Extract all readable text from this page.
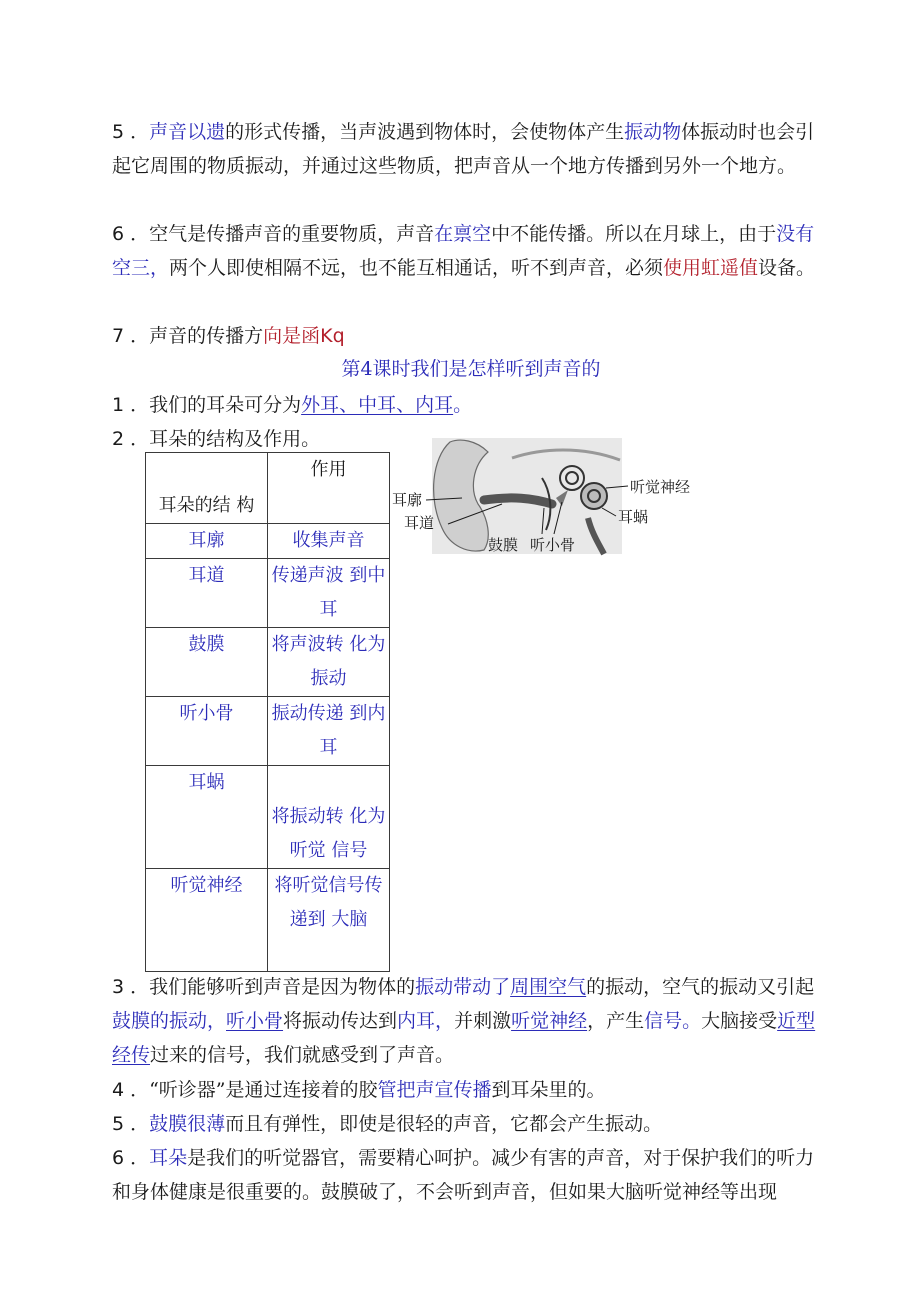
5 ．声音以遗的形式传播，当声波遇到物体时，会使物体产生振动物体振动时也会引起它周围的物质振动，并通过这些物质，把声音从一个地方传播到另外一个地方。
6 ．空气是传播声音的重要物质，声音在禀空中不能传播。所以在月球上，由于没有空三，两个人即使相隔不远，也不能互相通话，听不到声音，必须使用虹遥值设备。
7 ．声音的传播方向是函Kq
第4课时我们是怎样听到声音的
1 ．我们的耳朵可分为外耳、中耳、内耳。
2 ．耳朵的结构及作用。
耳朵的结 构	作用
耳廓	收集声音
耳道	传递声波 到中耳
鼓膜	将声波转 化为振动
听小骨	振动传递 到内耳
耳蜗	将振动转 化为听觉 信号
听觉神经	将听觉信号传递到 大脑
耳廓
耳道
鼓膜 听小骨
听觉神经
耳蜗
3 ．我们能够听到声音是因为物体的振动带动了周围空气的振动，空气的振动又引起鼓膜的振动，听小骨将振动传达到内耳，并刺激听觉神经，产生信号。大脑接受近型经传过来的信号，我们就感受到了声音。
4 ．“听诊器”是通过连接着的胶管把声宣传播到耳朵里的。
5 ．鼓膜很薄而且有弹性，即使是很轻的声音，它都会产生振动。
6 ．耳朵是我们的听觉器官，需要精心呵护。减少有害的声音，对于保护我们的听力和身体健康是很重要的。鼓膜破了，不会听到声音，但如果大脑听觉神经等出现
